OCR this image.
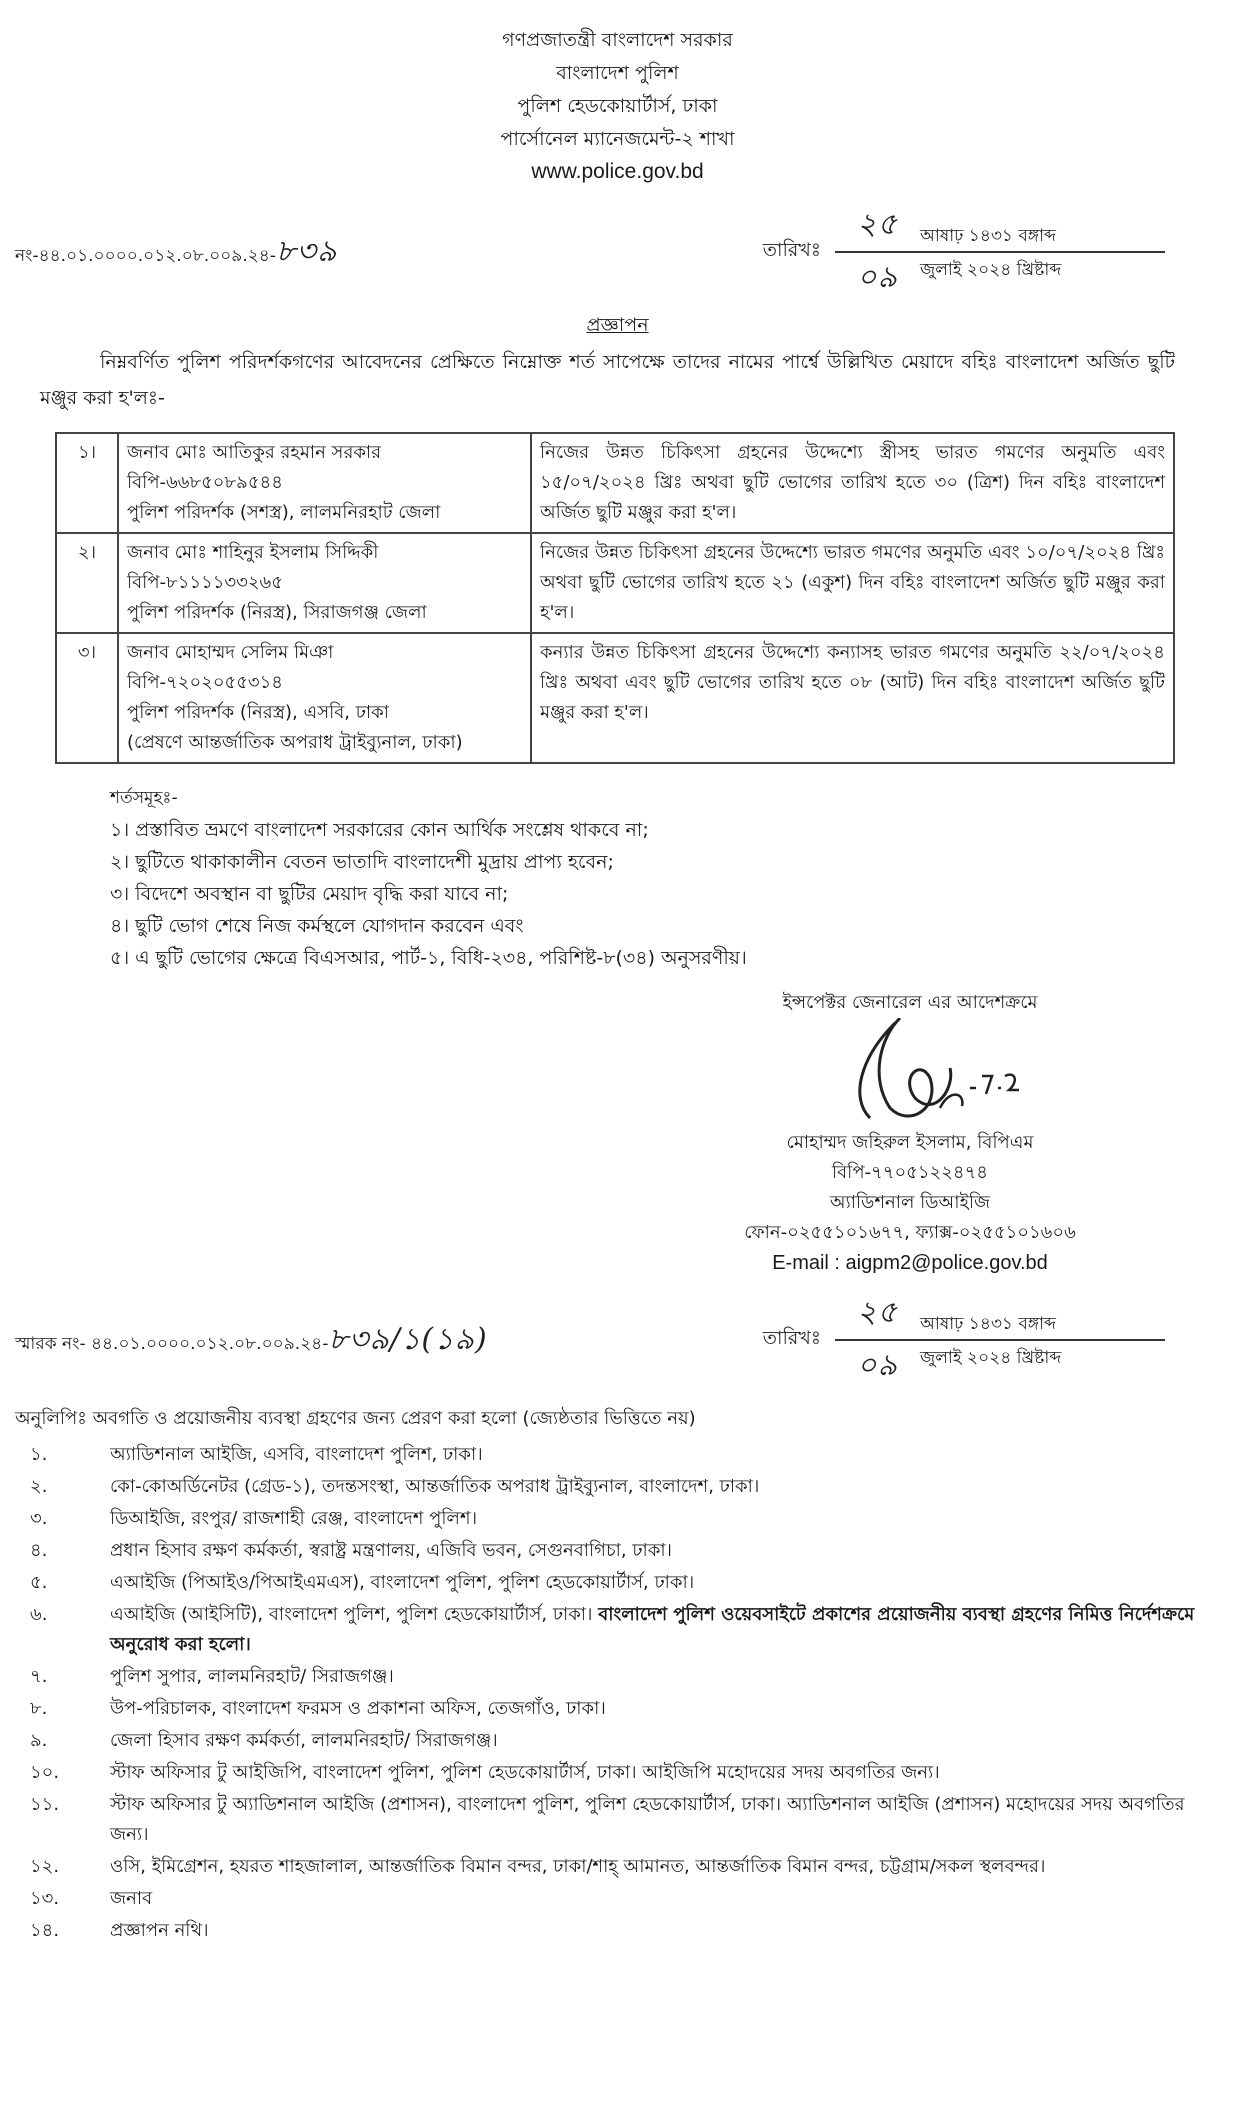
গণপ্রজাতন্ত্রী বাংলাদেশ সরকার
বাংলাদেশ পুলিশ
পুলিশ হেডকোয়ার্টার্স, ঢাকা
পার্সোনেল ম্যানেজমেন্ট-২ শাখা
www.police.gov.bd
নং-৪৪.০১.০০০০.০১২.০৮.০০৯.২৪-৮৩৯	তারিখঃ
২৫	আষাঢ় ১৪৩১ বঙ্গাব্দ
০৯	জুলাই ২০২৪ খ্রিষ্টাব্দ
প্রজ্ঞাপন
নিম্নবর্ণিত পুলিশ পরিদর্শকগণের আবেদনের প্রেক্ষিতে নিম্নোক্ত শর্ত সাপেক্ষে তাদের নামের পার্শ্বে উল্লিখিত মেয়াদে বহিঃ বাংলাদেশ অর্জিত ছুটি মঞ্জুর করা হ'লঃ-
১।	জনাব মোঃ আতিকুর রহমান সরকার
বিপি-৬৬৮৫০৮৯৫৪৪
পুলিশ পরিদর্শক (সশস্ত্র), লালমনিরহাট জেলা	নিজের উন্নত চিকিৎসা গ্রহনের উদ্দেশ্যে স্ত্রীসহ ভারত গমণের অনুমতি এবং ১৫/০৭/২০২৪ খ্রিঃ অথবা ছুটি ভোগের তারিখ হতে ৩০ (ত্রিশ) দিন বহিঃ বাংলাদেশ অর্জিত ছুটি মঞ্জুর করা হ'ল।
২।	জনাব মোঃ শাহিনুর ইসলাম সিদ্দিকী
বিপি-৮১১১১৩৩২৬৫
পুলিশ পরিদর্শক (নিরস্ত্র), সিরাজগঞ্জ জেলা	নিজের উন্নত চিকিৎসা গ্রহনের উদ্দেশ্যে ভারত গমণের অনুমতি এবং ১০/০৭/২০২৪ খ্রিঃ অথবা ছুটি ভোগের তারিখ হতে ২১ (একুশ) দিন বহিঃ বাংলাদেশ অর্জিত ছুটি মঞ্জুর করা হ'ল।
৩।	জনাব মোহাম্মদ সেলিম মিঞা
বিপি-৭২০২০৫৫৩১৪
পুলিশ পরিদর্শক (নিরস্ত্র), এসবি, ঢাকা
(প্রেষণে আন্তর্জাতিক অপরাধ ট্রাইব্যুনাল, ঢাকা)	কন্যার উন্নত চিকিৎসা গ্রহনের উদ্দেশ্যে কন্যাসহ ভারত গমণের অনুমতি ২২/০৭/২০২৪ খ্রিঃ অথবা এবং ছুটি ভোগের তারিখ হতে ০৮ (আট) দিন বহিঃ বাংলাদেশ অর্জিত ছুটি মঞ্জুর করা হ'ল।
শর্তসমূহঃ-
১। প্রস্তাবিত ভ্রমণে বাংলাদেশ সরকারের কোন আর্থিক সংশ্লেষ থাকবে না;
২। ছুটিতে থাকাকালীন বেতন ভাতাদি বাংলাদেশী মুদ্রায় প্রাপ্য হবেন;
৩। বিদেশে অবস্থান বা ছুটির মেয়াদ বৃদ্ধি করা যাবে না;
৪। ছুটি ভোগ শেষে নিজ কর্মস্থলে যোগদান করবেন এবং
৫। এ ছুটি ভোগের ক্ষেত্রে বিএসআর, পার্ট-১, বিধি-২৩৪, পরিশিষ্ট-৮(৩৪) অনুসরণীয়।
ইন্সপেক্টর জেনারেল এর আদেশক্রমে
মোহাম্মদ জহিরুল ইসলাম, বিপিএম
বিপি-৭৭০৫১২২৪৭৪
অ্যাডিশনাল ডিআইজি
ফোন-০২৫৫১০১৬৭৭, ফ্যাক্স-০২৫৫১০১৬০৬
E-mail : aigpm2@police.gov.bd
স্মারক নং- ৪৪.০১.০০০০.০১২.০৮.০০৯.২৪-৮৩৯/১(১৯)	তারিখঃ
২৫	আষাঢ় ১৪৩১ বঙ্গাব্দ
০৯	জুলাই ২০২৪ খ্রিষ্টাব্দ
অনুলিপিঃ অবগতি ও প্রয়োজনীয় ব্যবস্থা গ্রহণের জন্য প্রেরণ করা হলো (জ্যেষ্ঠতার ভিত্তিতে নয়)
১.	অ্যাডিশনাল আইজি, এসবি, বাংলাদেশ পুলিশ, ঢাকা।
২.	কো-কোঅর্ডিনেটর (গ্রেড-১), তদন্তসংস্থা, আন্তর্জাতিক অপরাধ ট্রাইব্যুনাল, বাংলাদেশ, ঢাকা।
৩.	ডিআইজি, রংপুর/ রাজশাহী রেঞ্জ, বাংলাদেশ পুলিশ।
৪.	প্রধান হিসাব রক্ষণ কর্মকর্তা, স্বরাষ্ট্র মন্ত্রণালয়, এজিবি ভবন, সেগুনবাগিচা, ঢাকা।
৫.	এআইজি (পিআইও/পিআইএমএস), বাংলাদেশ পুলিশ, পুলিশ হেডকোয়ার্টার্স, ঢাকা।
৬.	এআইজি (আইসিটি), বাংলাদেশ পুলিশ, পুলিশ হেডকোয়ার্টার্স, ঢাকা। বাংলাদেশ পুলিশ ওয়েবসাইটে প্রকাশের প্রয়োজনীয় ব্যবস্থা গ্রহণের নিমিত্ত নির্দেশক্রমে অনুরোধ করা হলো।
৭.	পুলিশ সুপার, লালমনিরহাট/ সিরাজগঞ্জ।
৮.	উপ-পরিচালক, বাংলাদেশ ফরমস ও প্রকাশনা অফিস, তেজগাঁও, ঢাকা।
৯.	জেলা হিসাব রক্ষণ কর্মকর্তা, লালমনিরহাট/ সিরাজগঞ্জ।
১০.	স্টাফ অফিসার টু আইজিপি, বাংলাদেশ পুলিশ, পুলিশ হেডকোয়ার্টার্স, ঢাকা। আইজিপি মহোদয়ের সদয় অবগতির জন্য।
১১.	স্টাফ অফিসার টু অ্যাডিশনাল আইজি (প্রশাসন), বাংলাদেশ পুলিশ, পুলিশ হেডকোয়ার্টার্স, ঢাকা। অ্যাডিশনাল আইজি (প্রশাসন) মহোদয়ের সদয় অবগতির জন্য।
১২.	ওসি, ইমিগ্রেশন, হযরত শাহজালাল, আন্তর্জাতিক বিমান বন্দর, ঢাকা/শাহ্ আমানত, আন্তর্জাতিক বিমান বন্দর, চট্টগ্রাম/সকল স্থলবন্দর।
১৩.	জনাব
১৪.	প্রজ্ঞাপন নথি।
